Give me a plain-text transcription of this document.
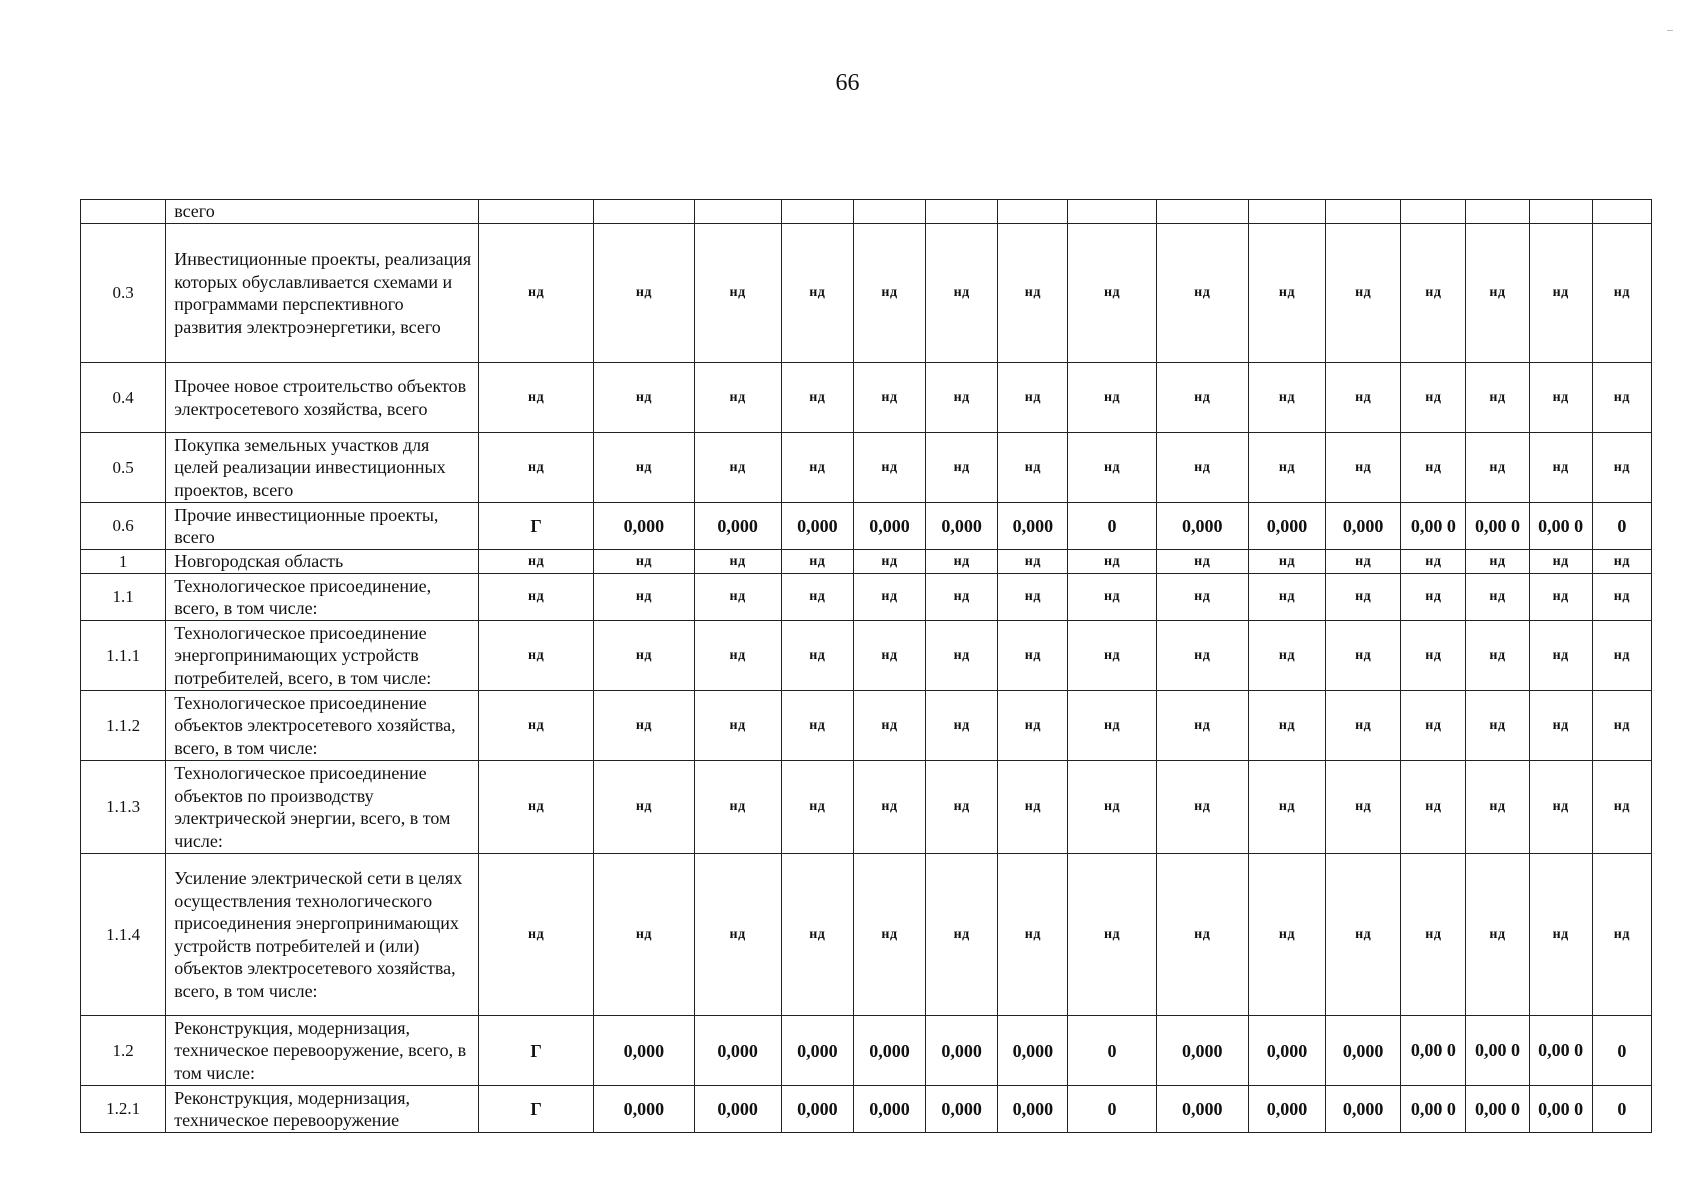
66
	всего															
0.3	Инвестиционные проекты, реализация которых обуславливается схемами и программами перспективного развития электроэнергетики, всего	нд	нд	нд	нд	нд	нд	нд	нд	нд	нд	нд	нд	нд	нд	нд
0.4	Прочее новое строительство объектов электросетевого хозяйства, всего	нд	нд	нд	нд	нд	нд	нд	нд	нд	нд	нд	нд	нд	нд	нд
0.5	Покупка земельных участков для целей реализации инвестиционных проектов, всего	нд	нд	нд	нд	нд	нд	нд	нд	нд	нд	нд	нд	нд	нд	нд
0.6	Прочие инвестиционные проекты, всего	Г	0,000	0,000	0,000	0,000	0,000	0,000	0	0,000	0,000	0,000	0,00 0	0,00 0	0,00 0	0
1	Новгородская область	нд	нд	нд	нд	нд	нд	нд	нд	нд	нд	нд	нд	нд	нд	нд
1.1	Технологическое присоединение, всего, в том числе:	нд	нд	нд	нд	нд	нд	нд	нд	нд	нд	нд	нд	нд	нд	нд
1.1.1	Технологическое присоединение энергопринимающих устройств потребителей, всего, в том числе:	нд	нд	нд	нд	нд	нд	нд	нд	нд	нд	нд	нд	нд	нд	нд
1.1.2	Технологическое присоединение объектов электросетевого хозяйства, всего, в том числе:	нд	нд	нд	нд	нд	нд	нд	нд	нд	нд	нд	нд	нд	нд	нд
1.1.3	Технологическое присоединение объектов по производству электрической энергии, всего, в том числе:	нд	нд	нд	нд	нд	нд	нд	нд	нд	нд	нд	нд	нд	нд	нд
1.1.4	Усиление электрической сети в целях осуществления технологического присоединения энергопринимающих устройств потребителей и (или) объектов электросетевого хозяйства, всего, в том числе:	нд	нд	нд	нд	нд	нд	нд	нд	нд	нд	нд	нд	нд	нд	нд
1.2	Реконструкция, модернизация, техническое перевооружение, всего, в том числе:	Г	0,000	0,000	0,000	0,000	0,000	0,000	0	0,000	0,000	0,000	0,00 0	0,00 0	0,00 0	0
1.2.1	Реконструкция, модернизация, техническое перевооружение	Г	0,000	0,000	0,000	0,000	0,000	0,000	0	0,000	0,000	0,000	0,00 0	0,00 0	0,00 0	0
